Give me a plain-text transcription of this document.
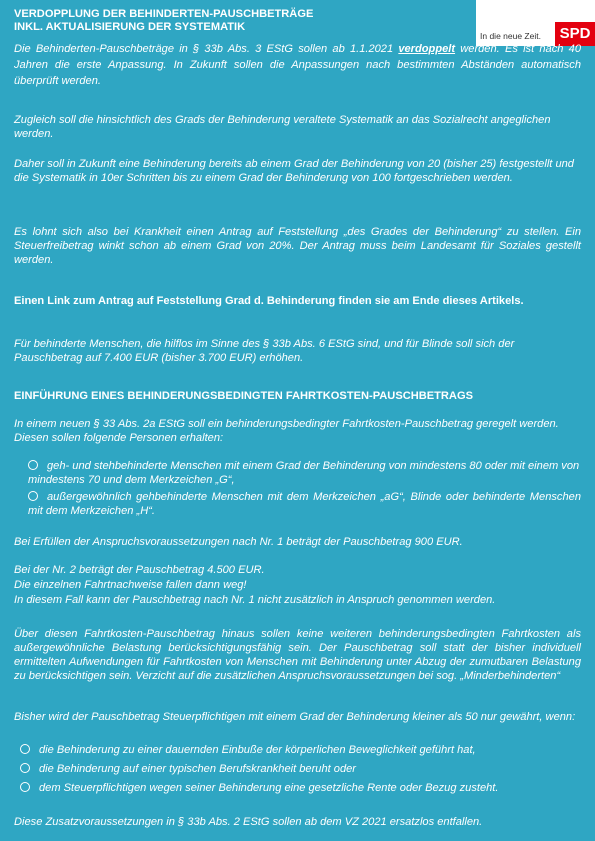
In die neue Zeit.	SPD
VERDOPPLUNG DER BEHINDERTEN-PAUSCHBETRÄGE
INKL. AKTUALISIERUNG DER SYSTEMATIK

Die Behinderten-Pauschbeträge in § 33b Abs. 3 EStG sollen ab 1.1.2021 verdoppelt werden. Es ist nach 40 Jahren die erste Anpassung. In Zukunft sollen die Anpassungen nach bestimmten Abständen automatisch überprüft werden.

Zugleich soll die hinsichtlich des Grads der Behinderung veraltete Systematik an das Sozialrecht angeglichen werden.

Daher soll in Zukunft eine Behinderung bereits ab einem Grad der Behinderung von 20 (bisher 25) festgestellt und die Systematik in 10er Schritten bis zu einem Grad der Behinderung von 100 fortgeschrieben werden.

Es lohnt sich also bei Krankheit einen Antrag auf Feststellung „des Grades der Behinderung“ zu stellen. Ein Steuerfreibetrag winkt schon ab einem Grad von 20%. Der Antrag muss beim Landesamt für Soziales gestellt werden.

Einen Link zum Antrag auf Feststellung Grad d. Behinderung finden sie am Ende dieses Artikels.

Für behinderte Menschen, die hilflos im Sinne des § 33b Abs. 6 EStG sind, und für Blinde soll sich der Pauschbetrag auf 7.400 EUR (bisher 3.700 EUR) erhöhen.

EINFÜHRUNG EINES BEHINDERUNGSBEDINGTEN FAHRTKOSTEN-PAUSCHBETRAGS

In einem neuen § 33 Abs. 2a EStG soll ein behinderungsbedingter Fahrtkosten-Pauschbetrag geregelt werden. Diesen sollen folgende Personen erhalten:

geh- und stehbehinderte Menschen mit einem Grad der Behinderung von mindestens 80 oder mit einem von mindestens 70 und dem Merkzeichen „G“,
außergewöhnlich gehbehinderte Menschen mit dem Merkzeichen „aG“, Blinde oder behinderte Menschen mit dem Merkzeichen „H“.

Bei Erfüllen der Anspruchsvoraussetzungen nach Nr. 1 beträgt der Pauschbetrag 900 EUR.

Bei der Nr. 2 beträgt der Pauschbetrag 4.500 EUR.
Die einzelnen Fahrtnachweise fallen dann weg!
In diesem Fall kann der Pauschbetrag nach Nr. 1 nicht zusätzlich in Anspruch genommen werden.

Über diesen Fahrtkosten-Pauschbetrag hinaus sollen keine weiteren behinderungsbedingten Fahrtkosten als außergewöhnliche Belastung berücksichtigungsfähig sein. Der Pauschbetrag soll statt der bisher individuell ermittelten Aufwendungen für Fahrtkosten von Menschen mit Behinderung unter Abzug der zumutbaren Belastung zu berücksichtigen sein. Verzicht auf die zusätzlichen Anspruchsvoraussetzungen bei sog. „Minderbehinderten“

Bisher wird der Pauschbetrag Steuerpflichtigen mit einem Grad der Behinderung kleiner als 50 nur gewährt, wenn:

die Behinderung zu einer dauernden Einbuße der körperlichen Beweglichkeit geführt hat,
die Behinderung auf einer typischen Berufskrankheit beruht oder
dem Steuerpflichtigen wegen seiner Behinderung eine gesetzliche Rente oder Bezug zusteht.

Diese Zusatzvoraussetzungen in § 33b Abs. 2 EStG sollen ab dem VZ 2021 ersatzlos entfallen.
